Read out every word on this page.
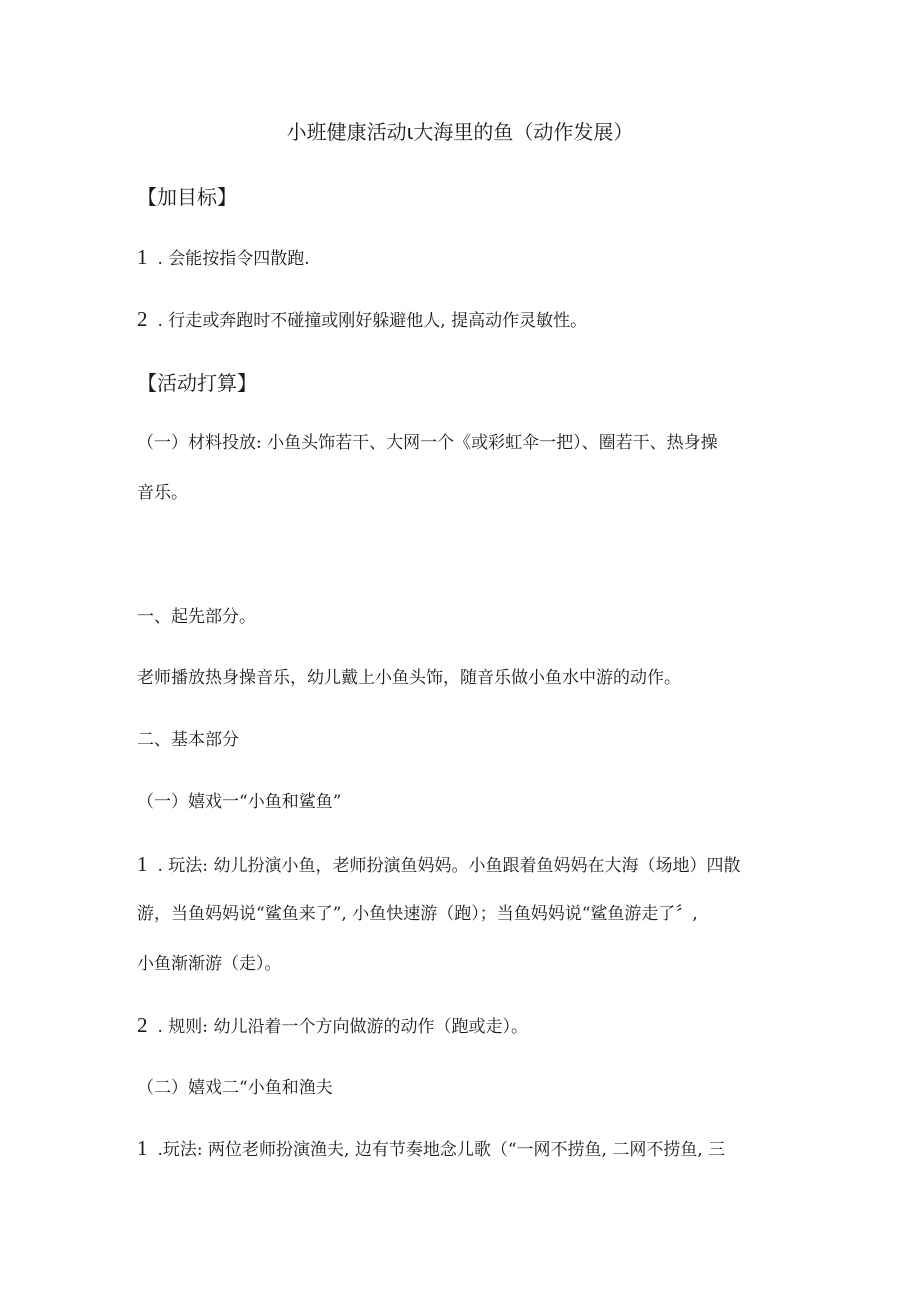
小班健康活动ι大海里的鱼（动作发展）
【加目标】
1 . 会能按指令四散跑.
2 . 行走或奔跑时不碰撞或刚好躲避他人, 提高动作灵敏性。
【活动打算】
（一）材料投放: 小鱼头饰若干、大网一个《或彩虹伞一把）、圈若干、热身操
音乐。
一、起先部分。
老师播放热身操音乐，幼儿戴上小鱼头饰，随音乐做小鱼水中游的动作。
二、基本部分
（一）嬉戏一“小鱼和鲨鱼”
1 . 玩法: 幼儿扮演小鱼，老师扮演鱼妈妈。小鱼跟着鱼妈妈在大海（场地）四散
游，当鱼妈妈说“鲨鱼来了”, 小鱼快速游（跑）；当鱼妈妈说“鲨鱼游走了〞,
小鱼渐渐游（走）。
2 . 规则: 幼儿沿着一个方向做游的动作（跑或走）。
（二）嬉戏二“小鱼和渔夫
1 .玩法: 两位老师扮演渔夫, 边有节奏地念儿歌（“一网不捞鱼, 二网不捞鱼, 三
